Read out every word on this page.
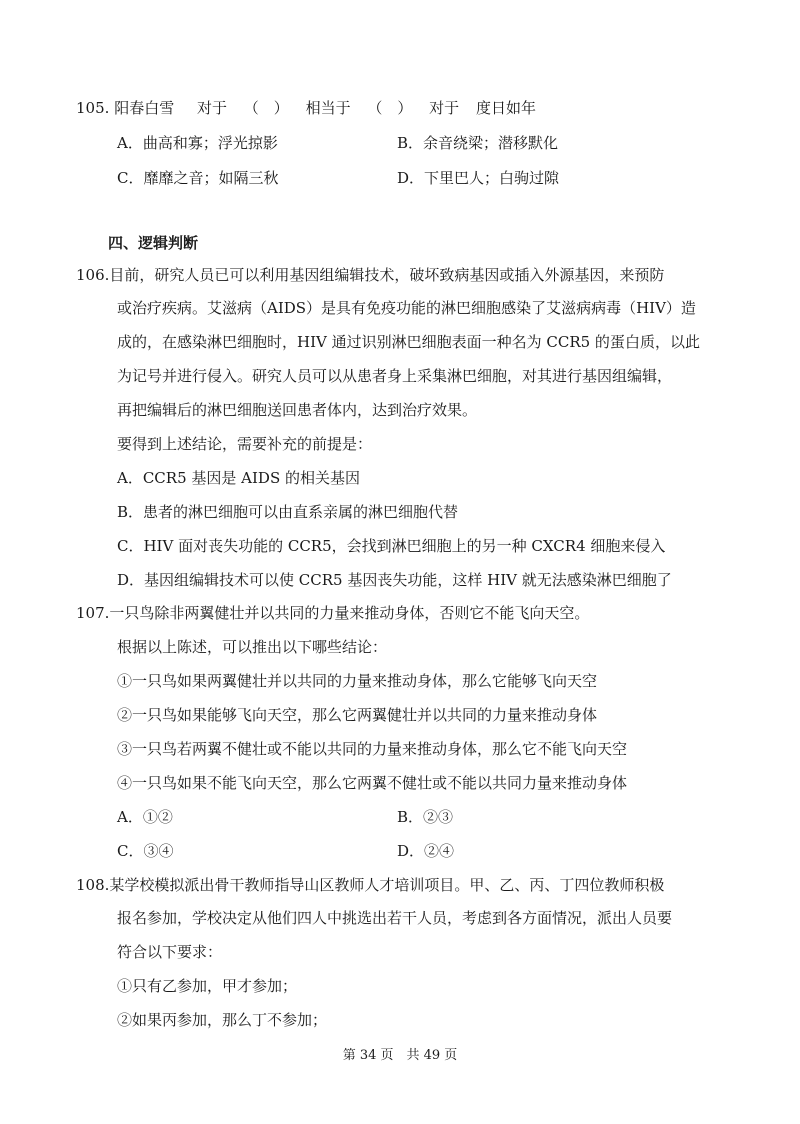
105. 阳春白雪 对于 （　） 相当于 （　） 对于 度日如年
A．曲高和寡；浮光掠影	B．余音绕梁；潜移默化
C．靡靡之音；如隔三秋	D．下里巴人；白驹过隙
四、逻辑判断
106.目前，研究人员已可以利用基因组编辑技术，破坏致病基因或插入外源基因，来预防
或治疗疾病。艾滋病（AIDS）是具有免疫功能的淋巴细胞感染了艾滋病病毒（HIV）造
成的，在感染淋巴细胞时，HIV 通过识别淋巴细胞表面一种名为 CCR5 的蛋白质，以此
为记号并进行侵入。研究人员可以从患者身上采集淋巴细胞，对其进行基因组编辑，
再把编辑后的淋巴细胞送回患者体内，达到治疗效果。
要得到上述结论，需要补充的前提是：
A．CCR5 基因是 AIDS 的相关基因
B．患者的淋巴细胞可以由直系亲属的淋巴细胞代替
C．HIV 面对丧失功能的 CCR5，会找到淋巴细胞上的另一种 CXCR4 细胞来侵入
D．基因组编辑技术可以使 CCR5 基因丧失功能，这样 HIV 就无法感染淋巴细胞了
107.一只鸟除非两翼健壮并以共同的力量来推动身体，否则它不能飞向天空。
根据以上陈述，可以推出以下哪些结论：
①一只鸟如果两翼健壮并以共同的力量来推动身体，那么它能够飞向天空
②一只鸟如果能够飞向天空，那么它两翼健壮并以共同的力量来推动身体
③一只鸟若两翼不健壮或不能以共同的力量来推动身体，那么它不能飞向天空
④一只鸟如果不能飞向天空，那么它两翼不健壮或不能以共同力量来推动身体
A．①②	B．②③
C．③④	D．②④
108.某学校模拟派出骨干教师指导山区教师人才培训项目。甲、乙、丙、丁四位教师积极
报名参加，学校决定从他们四人中挑选出若干人员，考虑到各方面情况，派出人员要
符合以下要求：
①只有乙参加，甲才参加；
②如果丙参加，那么丁不参加；
第 34 页　共 49 页
